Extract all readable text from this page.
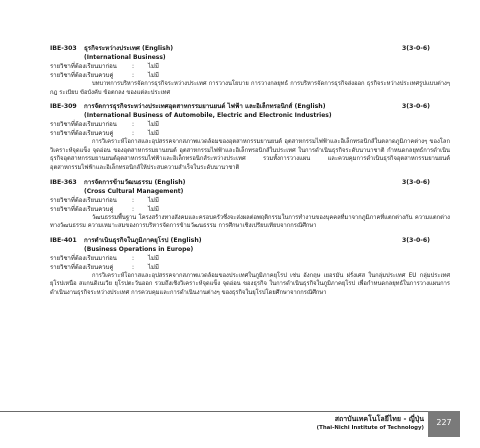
IBE-303 ธุรกิจระหว่างประเทศ (English)	3(3-0-6)
(International Business)
รายวิชาที่ต้องเรียนมาก่อน	: ไม่มี
รายวิชาที่ต้องเรียนควบคู่	: ไม่มี

บทบาทการบริหารจัดการธุรกิจระหว่างประเทศ การวางนโยบาย การวางกลยุทธ์ การบริหารจัดการธุรกิจส่งออก ธุรกิจระหว่างประเทศรูปแบบต่างๆ กฎ ระเบียบ ข้อบังคับ ข้อตกลง ของแต่ละประเทศ

IBE-309 การจัดการธุรกิจระหว่างประเทศอุตสาหกรรมยานยนต์ ไฟฟ้า และอิเล็กทรอนิกส์ (English)	3(3-0-6)
(International Business of Automobile, Electric and Electronic Industries)
รายวิชาที่ต้องเรียนมาก่อน	: ไม่มี
รายวิชาที่ต้องเรียนควบคู่	: ไม่มี

การวิเคราะห์โอกาสและอุปสรรคจากสภาพแวดล้อมของอุตสาหกรรมยานยนต์ อุตสาหกรรมไฟฟ้าและอิเล็กทรอนิกส์ในตลาดภูมิภาคต่างๆ ของโลก วิเคราะห์จุดแข็ง จุดอ่อน ของอุตสาหกรรมยานยนต์ อุตสาหกรรมไฟฟ้าและอิเล็กทรอนิกส์ในประเทศ ในการดำเนินธุรกิจระดับนานาชาติ กำหนดกลยุทธ์การดำเนินธุรกิจอุตสาหกรรมยานยนต์อุตสาหกรรมไฟฟ้าและอิเล็กทรอนิกส์ระหว่างประเทศ รวมทั้งการวางแผน และควบคุมการดำเนินธุรกิจอุตสาหกรรมยานยนต์ อุตสาหกรรมไฟฟ้าและอิเล็กทรอนิกส์ให้ประสบความสำเร็จในระดับนานาชาติ

IBE-363 การจัดการข้ามวัฒนธรรม (English)	3(3-0-6)
(Cross Cultural Management)
รายวิชาที่ต้องเรียนมาก่อน	: ไม่มี
รายวิชาที่ต้องเรียนควบคู่	: ไม่มี

วัฒนธรรมพื้นฐาน โครงสร้างทางสังคมและครอบครัวซึ่งจะส่งผลต่อพฤติกรรมในการทำงานของบุคคลที่มาจากภูมิภาคที่แตกต่างกัน ความแตกต่างทางวัฒนธรรม ความเหมาะสมของการบริหารจัดการข้ามวัฒนธรรม การศึกษาเชิงเปรียบเทียบจากกรณีศึกษา

IBE-401 การดำเนินธุรกิจในภูมิภาคยุโรป (English)	3(3-0-6)
(Business Operations in Europe)
รายวิชาที่ต้องเรียนมาก่อน	: ไม่มี
รายวิชาที่ต้องเรียนควบคู่	: ไม่มี

การวิเคราะห์โอกาสและอุปสรรคจากสภาพแวดล้อมของประเทศในภูมิภาคยุโรป เช่น อังกฤษ เยอรมัน ฝรั่งเศส ในกลุ่มประเทศ EU กลุ่มประเทศยุโรปเหนือ สแกนดิเนเวีย ยุโรปตะวันออก รวมถึงเชิงวิเคราะห์จุดแข็ง จุดอ่อน ของธุรกิจ ในการดำเนินธุรกิจในภูมิภาคยุโรป เพื่อกำหนดกลยุทธ์ในการวางแผนการดำเนินงานธุรกิจระหว่างประเทศ การควบคุมและการดำเนินงานต่างๆ ของธุรกิจในยุโรปโดยศึกษาจากกรณีศึกษา

สถาบันเทคโนโลยีไทย - ญี่ปุ่น
(Thai-Nichi Institute of Technology)
227
